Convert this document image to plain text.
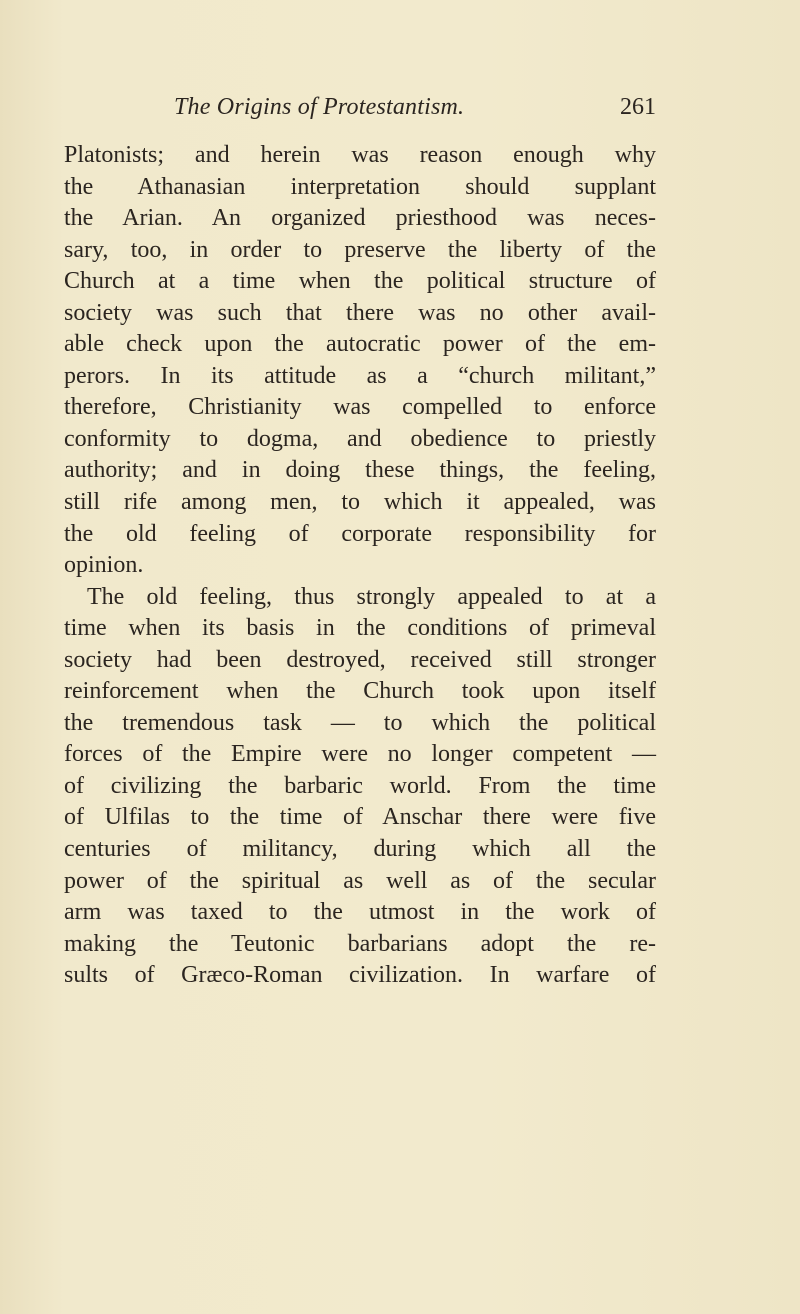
The Origins of Protestantism.	261
Platonists; and herein was reason enough why
the Athanasian interpretation should supplant
the Arian. An organized priesthood was neces-
sary, too, in order to preserve the liberty of the
Church at a time when the political structure of
society was such that there was no other avail-
able check upon the autocratic power of the em-
perors. In its attitude as a “church militant,”
therefore, Christianity was compelled to enforce
conformity to dogma, and obedience to priestly
authority; and in doing these things, the feeling,
still rife among men, to which it appealed, was
the old feeling of corporate responsibility for
opinion.
The old feeling, thus strongly appealed to at a
time when its basis in the conditions of primeval
society had been destroyed, received still stronger
reinforcement when the Church took upon itself
the tremendous task — to which the political
forces of the Empire were no longer competent —
of civilizing the barbaric world. From the time
of Ulfilas to the time of Anschar there were five
centuries of militancy, during which all the
power of the spiritual as well as of the secular
arm was taxed to the utmost in the work of
making the Teutonic barbarians adopt the re-
sults of Græco-Roman civilization. In warfare of
